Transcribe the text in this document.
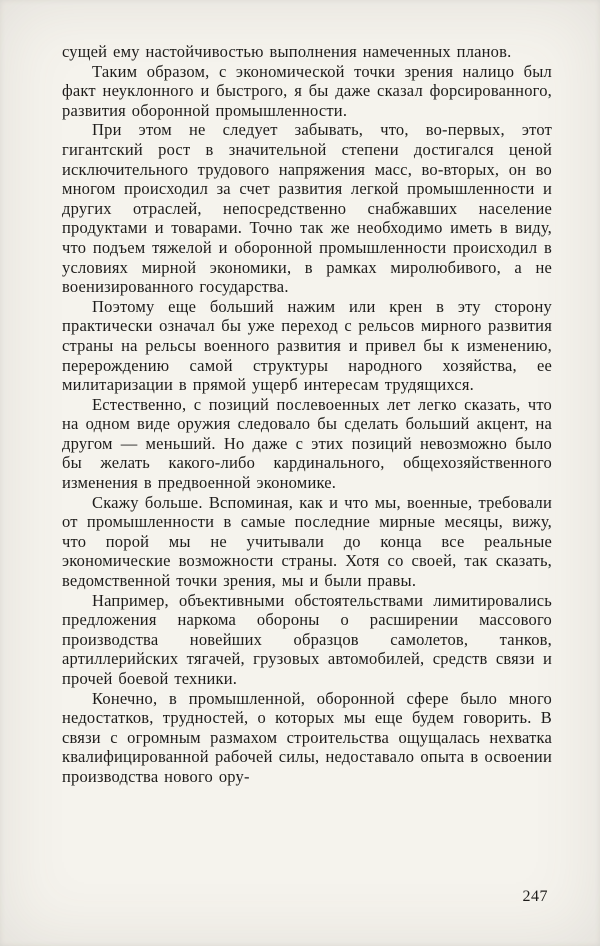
сущей ему настойчивостью выполнения намеченных планов.

Таким образом, с экономической точки зрения налицо был факт неуклонного и быстрого, я бы даже сказал форсированного, развития оборонной промышленности.

При этом не следует забывать, что, во-первых, этот гигантский рост в значительной степени достигался ценой исключительного трудового напряжения масс, во-вторых, он во многом происходил за счет развития легкой промышленности и других отраслей, непосредственно снабжавших население продуктами и товарами. Точно так же необходимо иметь в виду, что подъем тяжелой и оборонной промышленности происходил в условиях мирной экономики, в рамках миролюбивого, а не военизированного государства.

Поэтому еще больший нажим или крен в эту сторону практически означал бы уже переход с рельсов мирного развития страны на рельсы военного развития и привел бы к изменению, перерождению самой структуры народного хозяйства, ее милитаризации в прямой ущерб интересам трудящихся.

Естественно, с позиций послевоенных лет легко сказать, что на одном виде оружия следовало бы сделать больший акцент, на другом — меньший. Но даже с этих позиций невозможно было бы желать какого-либо кардинального, общехозяйственного изменения в предвоенной экономике.

Скажу больше. Вспоминая, как и что мы, военные, требовали от промышленности в самые последние мирные месяцы, вижу, что порой мы не учитывали до конца все реальные экономические возможности страны. Хотя со своей, так сказать, ведомственной точки зрения, мы и были правы.

Например, объективными обстоятельствами лимитировались предложения наркома обороны о расширении массового производства новейших образцов самолетов, танков, артиллерийских тягачей, грузовых автомобилей, средств связи и прочей боевой техники.

Конечно, в промышленной, оборонной сфере было много недостатков, трудностей, о которых мы еще будем говорить. В связи с огромным размахом строительства ощущалась нехватка квалифицированной рабочей силы, недоставало опыта в освоении производства нового ору-

247
